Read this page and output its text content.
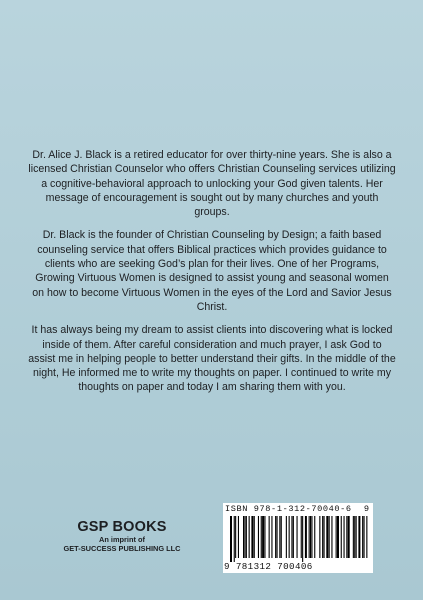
Dr. Alice J. Black is a retired educator for over thirty-nine years. She is also a licensed Christian Counselor who offers Christian Counseling services utilizing a cognitive-behavioral approach to unlocking your God given talents. Her message of encouragement is sought out by many churches and youth groups.

Dr. Black is the founder of Christian Counseling by Design; a faith based counseling service that offers Biblical practices which provides guidance to clients who are seeking God’s plan for their lives. One of her Programs, Growing Virtuous Women is designed to assist young and seasonal women on how to become Virtuous Women in the eyes of the Lord and Savior Jesus Christ.

It has always being my dream to assist clients into discovering what is locked inside of them. After careful consideration and much prayer, I ask God to assist me in helping people to better understand their gifts. In the middle of the night, He informed me to write my thoughts on paper. I continued to write my thoughts on paper and today I am sharing them with you.

GSP BOOKS
An imprint of
GET-SUCCESS PUBLISHING LLC
ISBN 978-1-312-70040-6 9
9 781312 700406
